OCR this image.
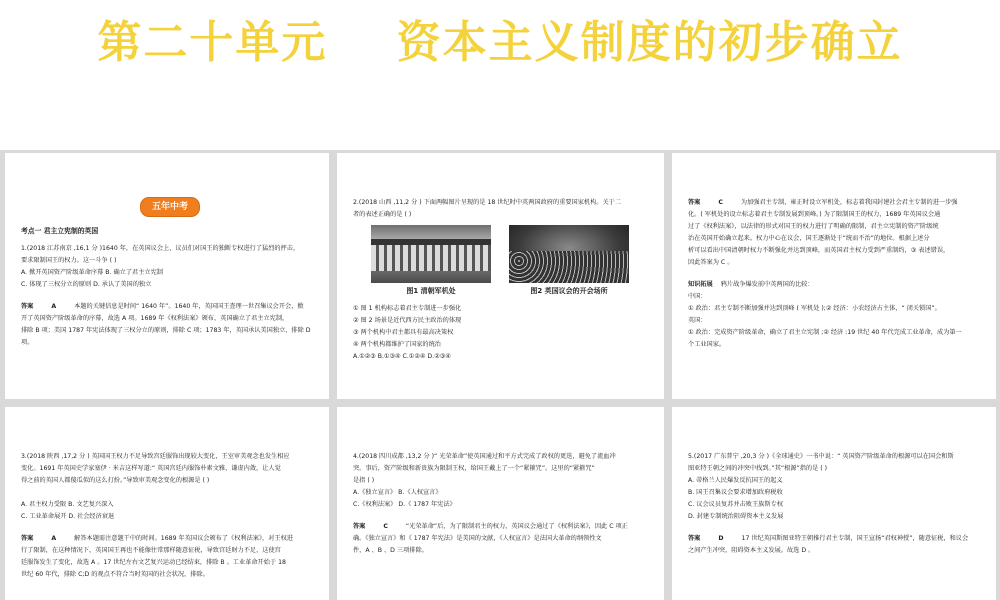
第二十单元    资本主义制度的初步确立
五年中考
考点一 君主立宪制的英国
1.(2018 江苏南京 ,16,1 分 )1640 年，在英国议会上，议员们对国王的独断专权进行了猛烈的抨击，
要求限制国王的权力。这一斗争 ( )
A. 掀开英国资产阶级革命序幕 B. 确立了君主立宪制
C. 体现了三权分立的原则 D. 承认了美国的独立
答案	A	本题的关键信息是时间“ 1640 年”。1640 年，英国国王查理一世召集议会开会，掀
开了英国资产阶级革命的序幕，故选 A 项。1689 年《权利法案》颁布，英国确立了君主立宪制，
排除 B 项；美国 1787 年宪法体现了三权分立的原则，排除 C 项；1783 年，英国承认美国独立，排除 D
项。
2.(2018 山西 ,11,2 分 ) 下面两幅图片呈现的是 18 世纪时中英两国政府的重要国家机构。关于二
者的表述正确的是 ( )
图1 清朝军机处	图2 英国议会的开会场所
① 图 1 机构标志着君主专制进一步强化
② 图 2 场景是近代西方民主政治的体现
③ 两个机构中君主都具有最高决策权
④ 两个机构都维护了国家的统治
A.①②③ B.①③④ C.①②④ D.②③④
答案	C	为加强君主专制，雍正时设立军机处，标志着我国封建社会君主专制的进一步强
化。( 军机处的设立标志着君主专制发展到顶峰。) 为了限制国王的权力，1689 年英国议会通
过了《权利法案》，以法律的形式对国王的权力进行了明确的限制，君主立宪制的资产阶级统
治在英国开始确立起来。权力中心在议会，国王逐渐处于“统而不治”的地位。根据上述分
析可以看出中国清朝时权力不断强化并达到顶峰，而英国君主权力受到严重制约，③ 表述错误，
因此答案为 C 。
知识拓展 鸦片战争爆发前中英两国的比较：
中国：
① 政治：君主专制不断加强并达到顶峰 ( 军机处 );② 经济：小农经济占主体，“ 闭关锁国”。
英国：
① 政治：完成资产阶级革命，确立了君主立宪制 ;② 经济 :19 世纪 40 年代完成工业革命，成为第一
个工业国家。
3.(2018 陕西 ,17,2 分 ) 英国国王权力不足导致宫廷服饰出现较大变化，王室审美观念也发生相应
变化。1691 年英国史学家塞伊 · 米吉这样写道:“ 英国宫廷内服饰朴素文雅，谦虚内敛，让人觉
得之前的英国人都傻瓜似的这么打扮。”导致审美观念变化的根源是 ( )

A. 君主权力受限 B. 文艺复兴深入
C. 工业革命展开 D. 社会经济衰退
答案	A	解答本题需注意题干中的时间。1689 年英国议会颁布了《权利法案》，对王权进
行了限制，在这种情况下，英国国王再也不能像往常那样随意征税，导致宫廷财力不足，这使宫
廷服饰发生了变化，故选 A 。17 世纪左右文艺复兴运动已经结束，排除 B 。工业革命开始于 18
世纪 60 年代，排除 C;D 的观点不符合当时英国的社会状况，排除。
4.(2018 四川成都 ,13,2 分 )“ 光荣革命”使英国通过和平方式完成了政权的更迭，避免了流血冲
突。事后，资产阶级和新贵族为限制王权，给国王戴上了一个“紧箍咒”。这里的“紧箍咒”
是指 ( )
A.《独立宣言》 B.《人权宣言》
C.《权利法案》 D.《 1787 年宪法》
答案	C	“光荣革命”后，为了限制君主的权力，英国议会通过了《权利法案》，因此 C 项正
确。《独立宣言》和《 1787 年宪法》是美国的文献，《人权宣言》是法国大革命的纲领性文
件，A 、B 、D 三项排除。
5.(2017 广东普宁 ,20,3 分 )《全球通史》一书中说：“ 英国资产阶级革命的根源可以在国会和斯
图亚特王朝之间的冲突中找到。”其“根源”指的是 ( )
A. 蒂格兰人民爆发反抗国王的起义
B. 国王召集议会要求增加政府税收
C. 议会议员复苏并击败王族斯专权
D. 封建专制统治阻碍资本主义发展
答案	D	17 世纪英国斯图亚特王朝推行君主专制，国王宣扬“君权神授”，随意征税，和议会
之间产生冲突，阻碍资本主义发展。故选 D 。
